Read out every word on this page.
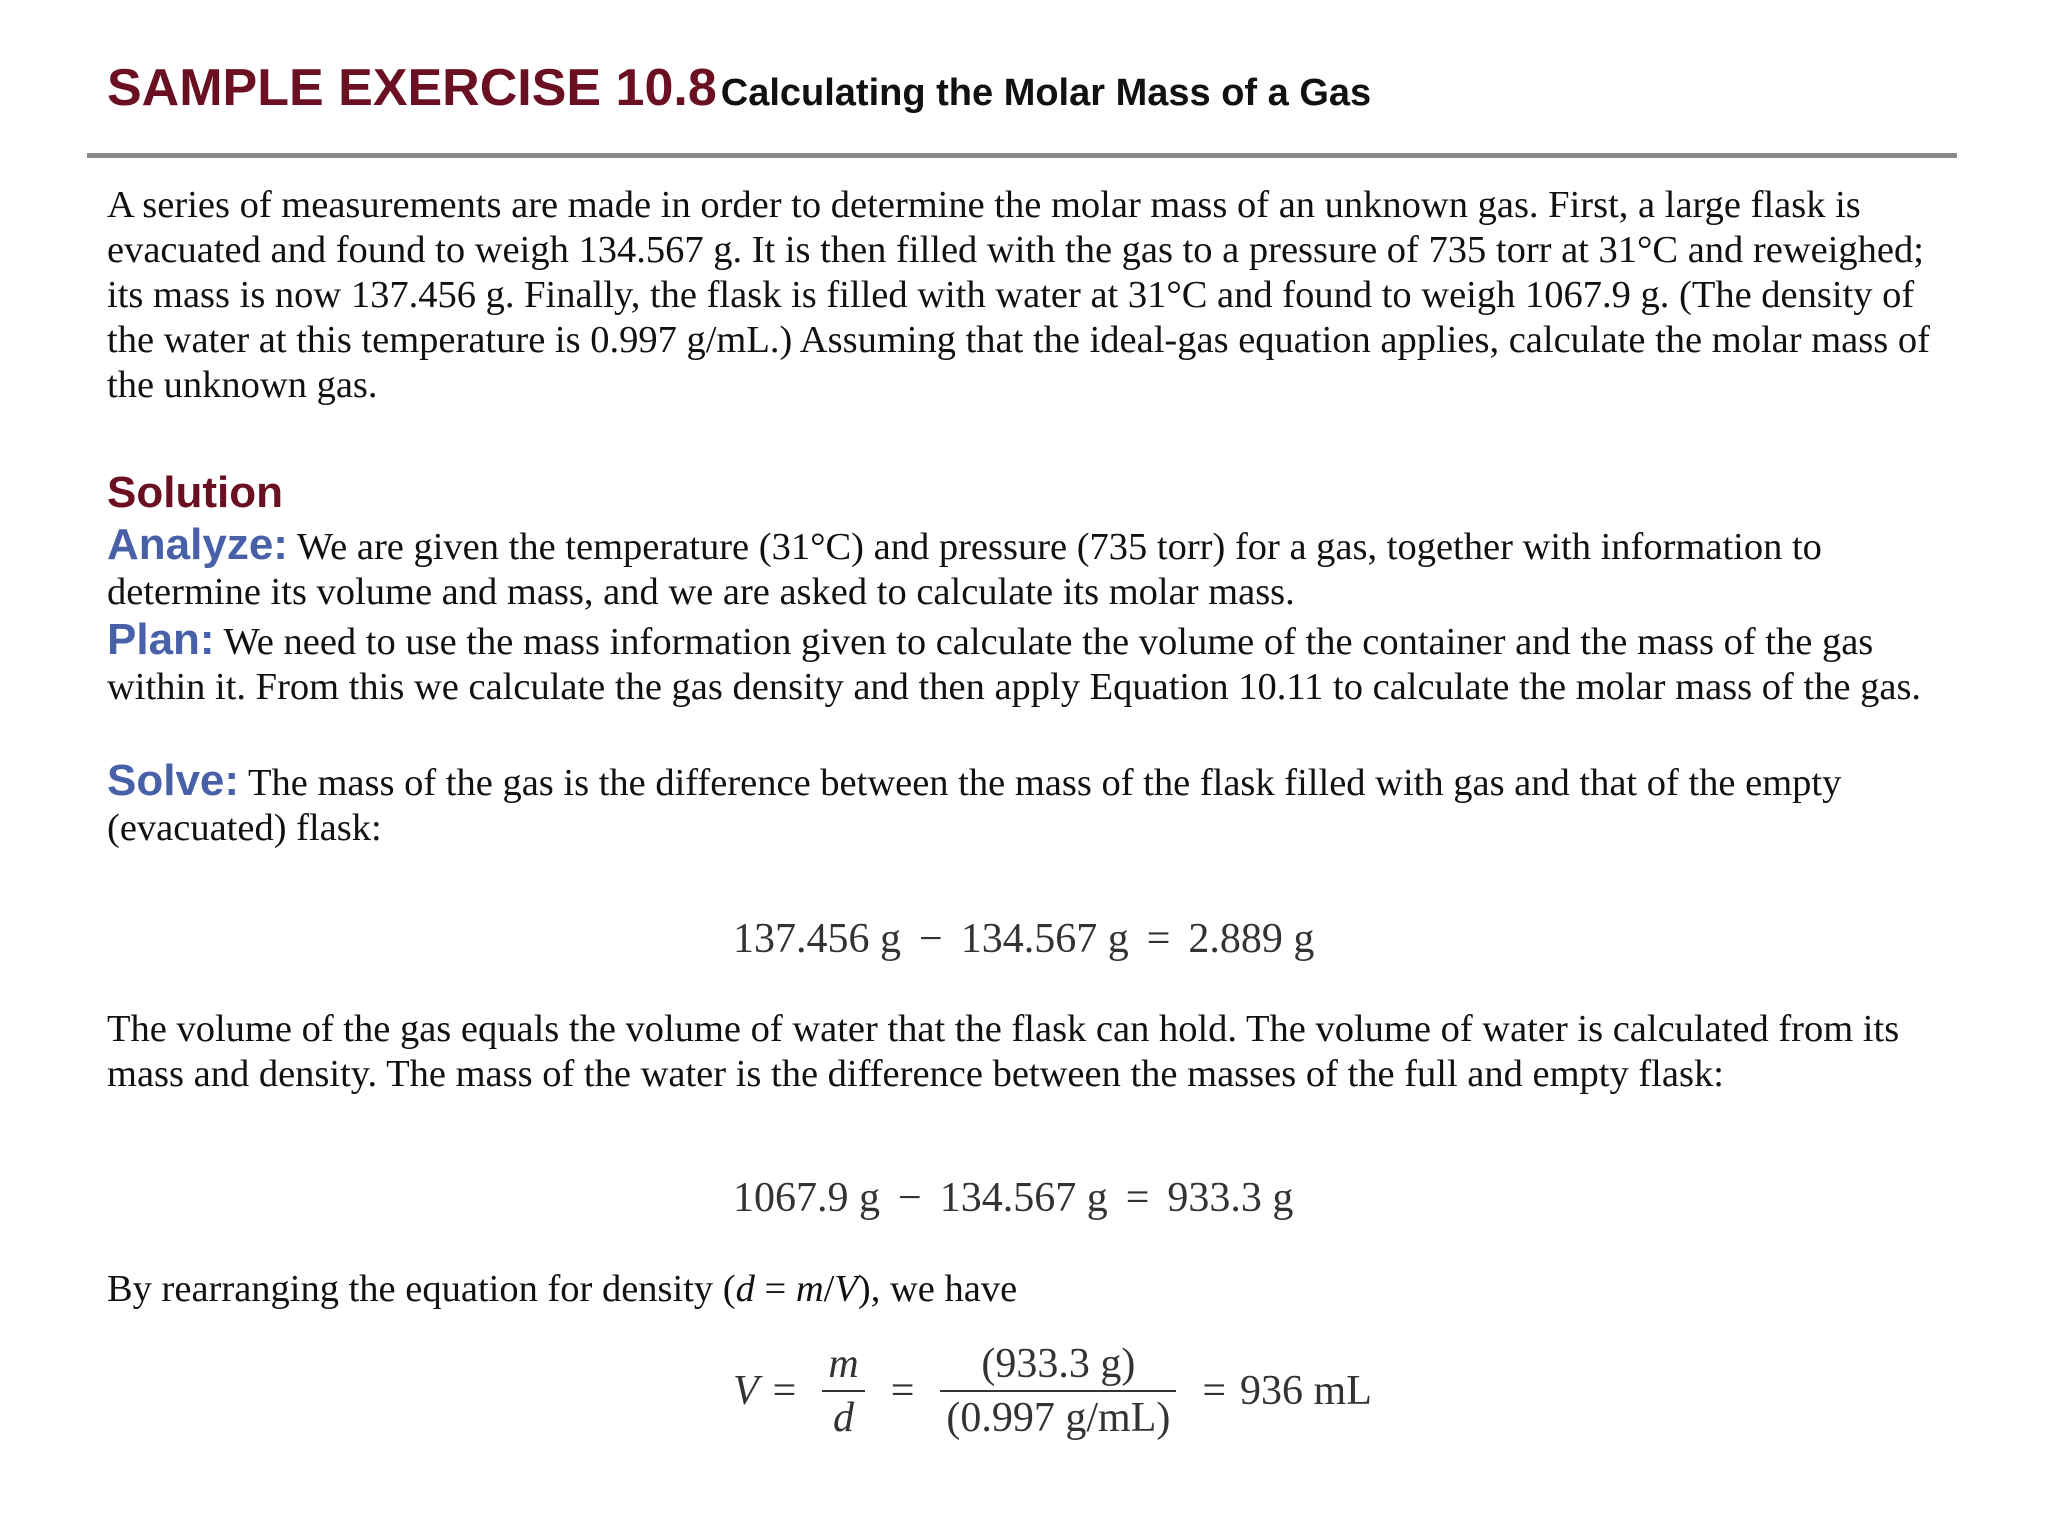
SAMPLE EXERCISE 10.8 Calculating the Molar Mass of a Gas

A series of measurements are made in order to determine the molar mass of an unknown gas. First, a large flask is evacuated and found to weigh 134.567 g. It is then filled with the gas to a pressure of 735 torr at 31°C and reweighed; its mass is now 137.456 g. Finally, the flask is filled with water at 31°C and found to weigh 1067.9 g. (The density of the water at this temperature is 0.997 g/mL.) Assuming that the ideal-gas equation applies, calculate the molar mass of the unknown gas.

Solution

Analyze: We are given the temperature (31°C) and pressure (735 torr) for a gas, together with information to determine its volume and mass, and we are asked to calculate its molar mass.

Plan: We need to use the mass information given to calculate the volume of the container and the mass of the gas within it. From this we calculate the gas density and then apply Equation 10.11 to calculate the molar mass of the gas.

Solve: The mass of the gas is the difference between the mass of the flask filled with gas and that of the empty (evacuated) flask:

137.456 g − 134.567 g = 2.889 g

The volume of the gas equals the volume of water that the flask can hold. The volume of water is calculated from its mass and density. The mass of the water is the difference between the masses of the full and empty flask:

1067.9 g − 134.567 g = 933.3 g

By rearranging the equation for density (d = m/V), we have

$V = \frac{m}{d} = \frac{(933.3 g)}{(0.997 g/mL)} = 936$ mL
